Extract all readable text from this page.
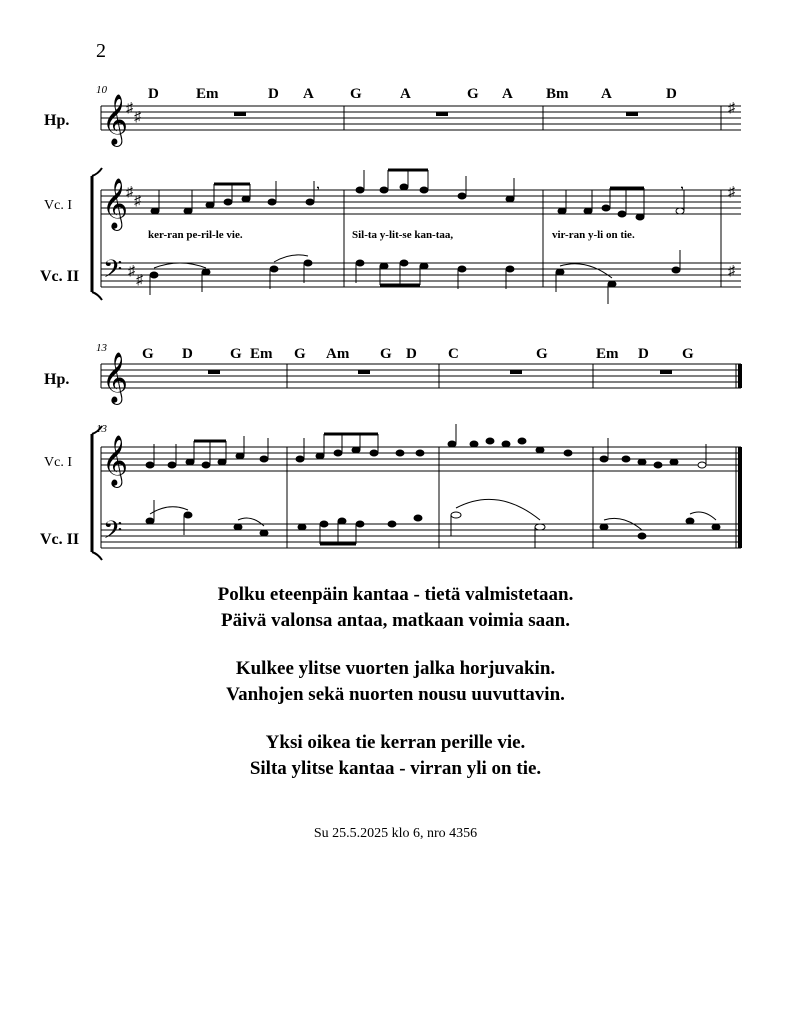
2
10	D Em	D A G	A	G A Bm A	D
Hp.
Vc. I
Vc. II
𝄞
♯
♯
♯
𝄞
♯
♯
♯
,	,
ker-ran pe-ril-le vie.	Sil-ta y-lit-se kan-taa,	vir-ran y-li on tie.
𝄢 ♯
♯
♯
13 G D G Em G Am G D C	G	Em D G
Hp.
Vc. I
Vc. II
𝄞
13
𝄞
𝄢

Polku eteenpäin kantaa - tietä valmistetaan.

Päivä valonsa antaa, matkaan voimia saan.

Kulkee ylitse vuorten jalka horjuvakin.

Vanhojen sekä nuorten nousu uuvuttavin.

Yksi oikea tie kerran perille vie.

Silta ylitse kantaa - virran yli on tie.

Su 25.5.2025 klo 6, nro 4356
